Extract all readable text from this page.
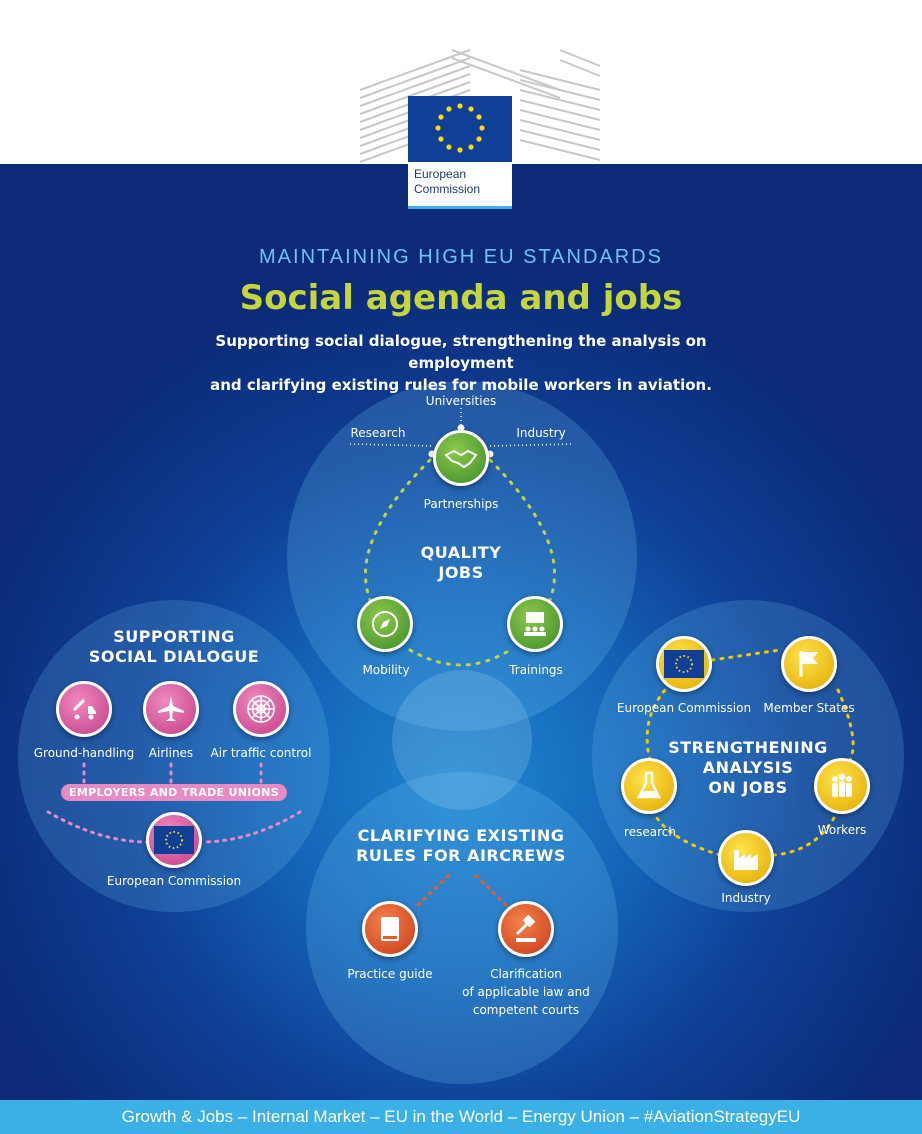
European
Commission
MAINTAINING HIGH EU STANDARDS
Social agenda and jobs
Supporting social dialogue, strengthening the analysis on employment
and clarifying existing rules for mobile workers in aviation.
Universities
Research	Industry
Partnerships
QUALITY
JOBS
Mobility	Trainings
SUPPORTING
SOCIAL DIALOGUE
Ground-handling	Airlines	Air traffic control
EMPLOYERS AND TRADE UNIONS
European Commission
European Commission	Member States
STRENGTHENING
ANALYSIS
ON JOBS
research	Workers
Industry
CLARIFYING EXISTING
RULES FOR AIRCREWS
Practice guide	Clarification
of applicable law and
competent courts
Growth & Jobs – Internal Market – EU in the World – Energy Union – #AviationStrategyEU
